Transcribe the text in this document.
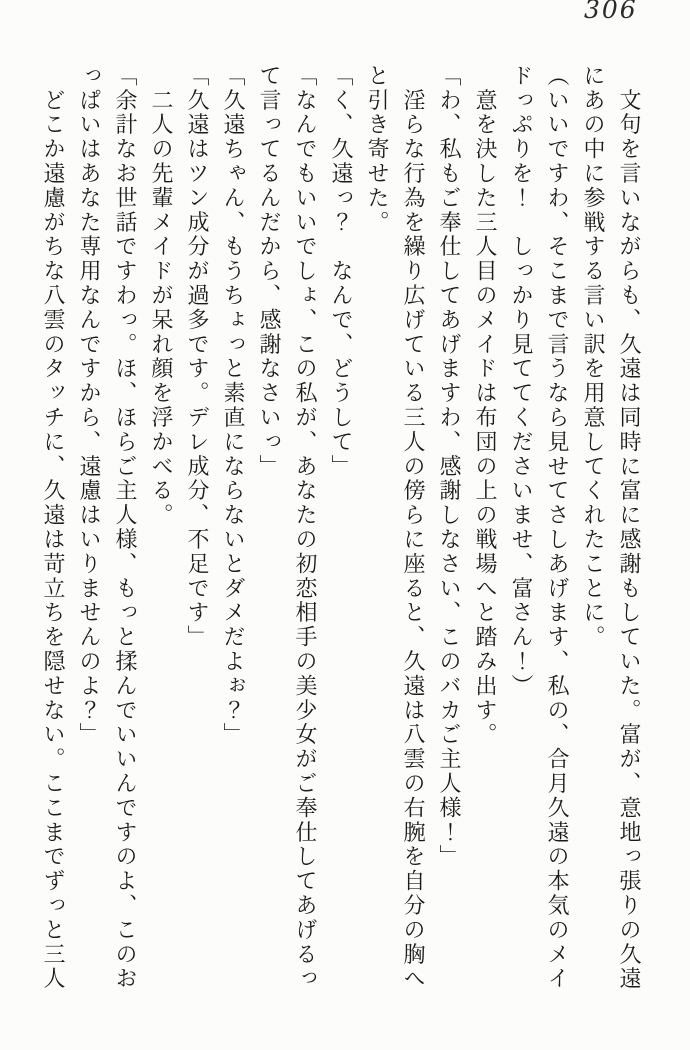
306

　文句を言いながらも、久遠は同時に富に感謝もしていた。富が、意地っ張りの久遠

にあの中に参戦する言い訳を用意してくれたことに。

（いいですわ、そこまで言うなら見せてさしあげます、私の、合月久遠の本気のメイ

ドっぷりを！　しっかり見ててくださいませ、富さん！）

　意を決した三人目のメイドは布団の上の戦場へと踏み出す。

「わ、私もご奉仕してあげますわ、感謝しなさい、このバカご主人様！」

　淫らな行為を繰り広げている三人の傍らに座ると、久遠は八雲の右腕を自分の胸へ

と引き寄せた。

「く、久遠っ？　なんで、どうして」

「なんでもいいでしょ、この私が、あなたの初恋相手の美少女がご奉仕してあげるっ

て言ってるんだから、感謝なさいっ」

「久遠ちゃん、もうちょっと素直にならないとダメだよぉ？」

「久遠はツン成分が過多です。デレ成分、不足です」

　二人の先輩メイドが呆れ顔を浮かべる。

「余計なお世話ですわっ。ほ、ほらご主人様、もっと揉んでいいんですのよ、このお

っぱいはあなた専用なんですから、遠慮はいりませんのよ？」

　どこか遠慮がちな八雲のタッチに、久遠は苛立ちを隠せない。ここまでずっと三人
